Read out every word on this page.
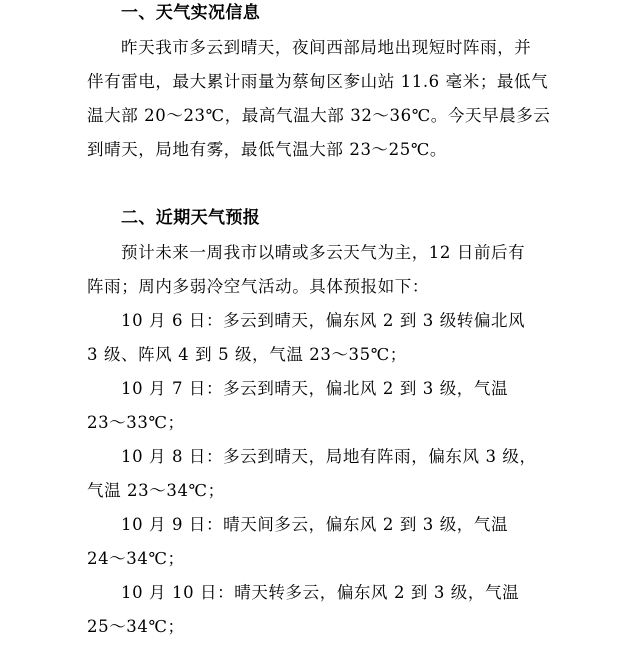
一、天气实况信息
昨天我市多云到晴天，夜间西部局地出现短时阵雨，并
伴有雷电，最大累计雨量为蔡甸区奓山站 11.6 毫米；最低气
温大部 20～23℃，最高气温大部 32～36℃。今天早晨多云
到晴天，局地有雾，最低气温大部 23～25℃。
二、近期天气预报
预计未来一周我市以晴或多云天气为主，12 日前后有
阵雨；周内多弱冷空气活动。具体预报如下：
10 月 6 日：多云到晴天，偏东风 2 到 3 级转偏北风
3 级、阵风 4 到 5 级，气温 23～35℃；
10 月 7 日：多云到晴天，偏北风 2 到 3 级，气温
23～33℃；
10 月 8 日：多云到晴天，局地有阵雨，偏东风 3 级，
气温 23～34℃；
10 月 9 日：晴天间多云，偏东风 2 到 3 级，气温
24～34℃；
10 月 10 日：晴天转多云，偏东风 2 到 3 级，气温
25～34℃；
